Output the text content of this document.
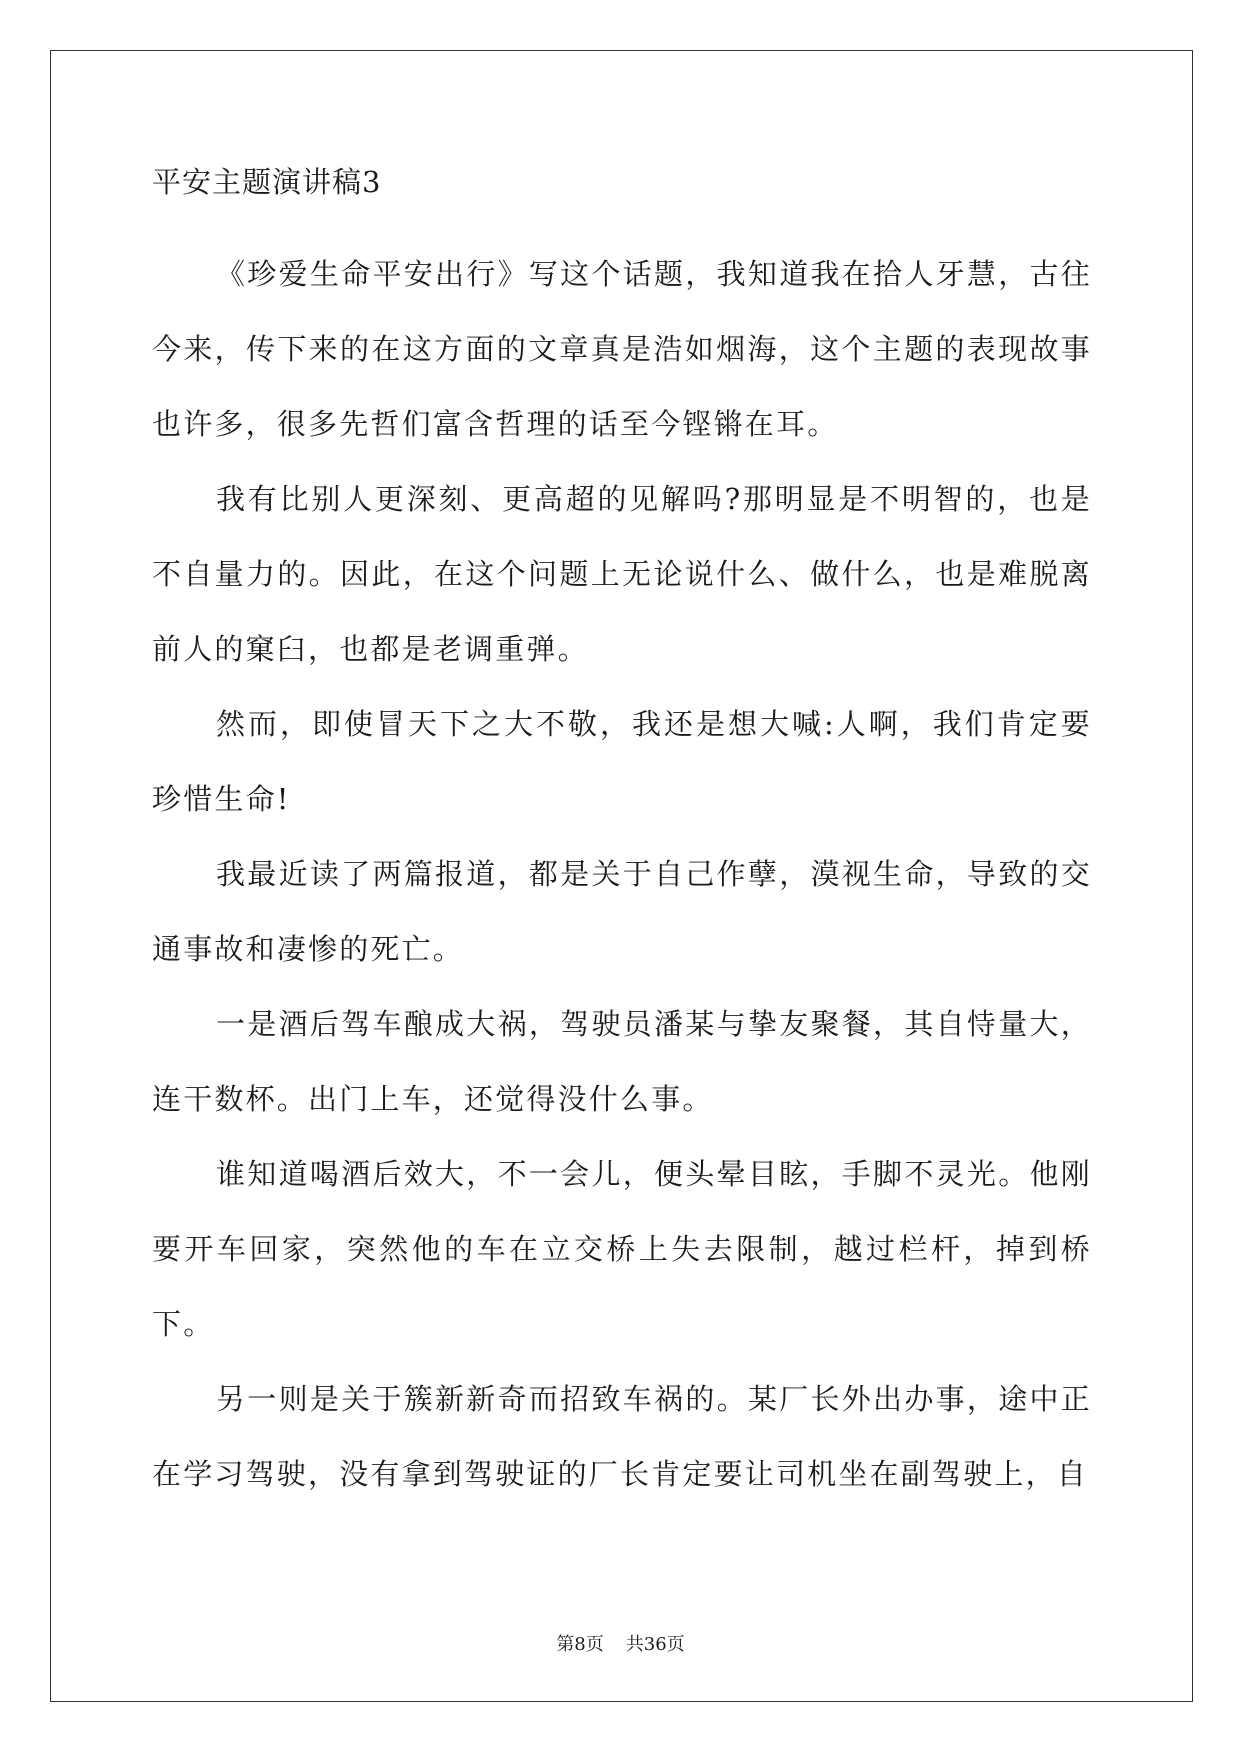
平安主题演讲稿3

《珍爱生命平安出行》写这个话题，我知道我在拾人牙慧，古往今来，传下来的在这方面的文章真是浩如烟海，这个主题的表现故事也许多，很多先哲们富含哲理的话至今铿锵在耳。

我有比别人更深刻、更高超的见解吗?那明显是不明智的，也是不自量力的。因此，在这个问题上无论说什么、做什么，也是难脱离前人的窠臼，也都是老调重弹。

然而，即使冒天下之大不敬，我还是想大喊:人啊，我们肯定要珍惜生命!

我最近读了两篇报道，都是关于自己作孽，漠视生命，导致的交通事故和凄惨的死亡。

一是酒后驾车酿成大祸，驾驶员潘某与挚友聚餐，其自恃量大，连干数杯。出门上车，还觉得没什么事。

谁知道喝酒后效大，不一会儿，便头晕目眩，手脚不灵光。他刚要开车回家，突然他的车在立交桥上失去限制，越过栏杆，掉到桥下。

另一则是关于簇新新奇而招致车祸的。某厂长外出办事，途中正在学习驾驶，没有拿到驾驶证的厂长肯定要让司机坐在副驾驶上，自

第8页 共36页
